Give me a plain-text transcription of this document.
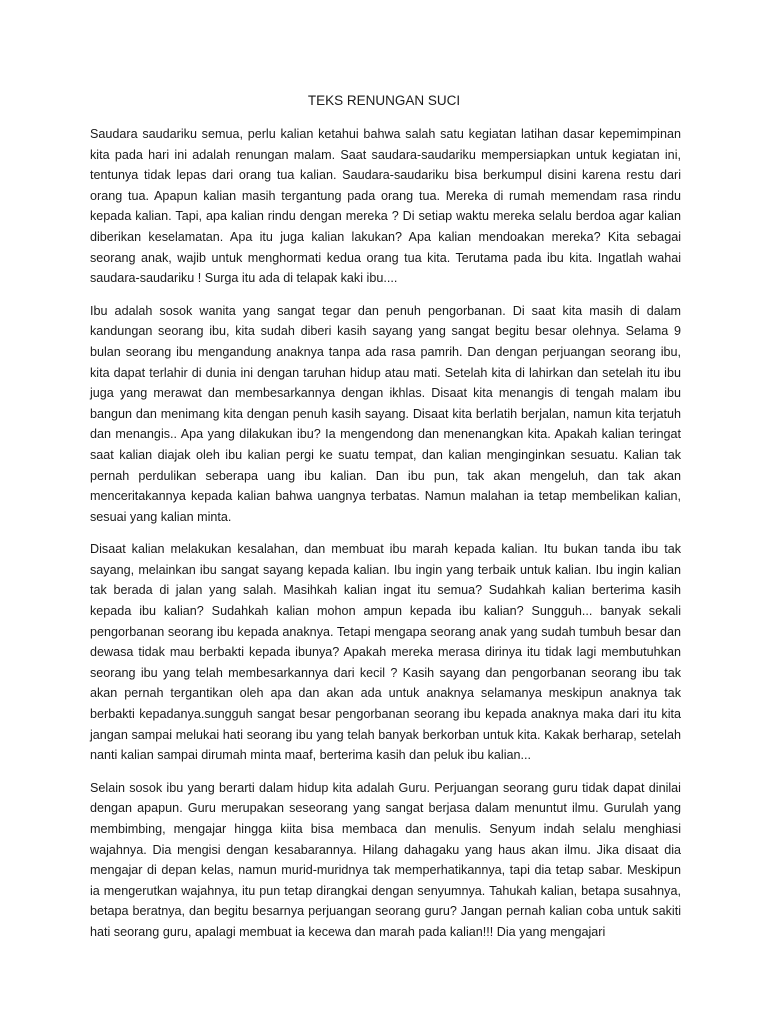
TEKS RENUNGAN SUCI

Saudara saudariku semua, perlu kalian ketahui bahwa salah satu kegiatan latihan dasar kepemimpinan kita pada hari ini adalah renungan malam. Saat saudara-saudariku mempersiapkan untuk kegiatan ini, tentunya tidak lepas dari orang tua kalian. Saudara-saudariku bisa berkumpul disini karena restu dari orang tua. Apapun kalian masih tergantung pada orang tua. Mereka di rumah memendam rasa rindu kepada kalian. Tapi, apa kalian rindu dengan mereka ? Di setiap waktu mereka selalu berdoa agar kalian diberikan keselamatan. Apa itu juga kalian lakukan? Apa kalian mendoakan mereka? Kita sebagai seorang anak, wajib untuk menghormati kedua orang tua kita. Terutama pada ibu kita. Ingatlah wahai saudara-saudariku ! Surga itu ada di telapak kaki ibu....

Ibu adalah sosok wanita yang sangat tegar dan penuh pengorbanan. Di saat kita masih di dalam kandungan seorang ibu, kita sudah diberi kasih sayang yang sangat begitu besar olehnya. Selama 9 bulan seorang ibu mengandung anaknya tanpa ada rasa pamrih. Dan dengan perjuangan seorang ibu, kita dapat terlahir di dunia ini dengan taruhan hidup atau mati. Setelah kita di lahirkan dan setelah itu ibu juga yang merawat dan membesarkannya dengan ikhlas. Disaat kita menangis di tengah malam ibu bangun dan menimang kita dengan penuh kasih sayang. Disaat kita berlatih berjalan, namun kita terjatuh dan menangis.. Apa yang dilakukan ibu? Ia mengendong dan menenangkan kita. Apakah kalian teringat saat kalian diajak oleh ibu kalian pergi ke suatu tempat, dan kalian menginginkan sesuatu. Kalian tak pernah perdulikan seberapa uang ibu kalian. Dan ibu pun, tak akan mengeluh, dan tak akan menceritakannya kepada kalian bahwa uangnya terbatas. Namun malahan ia tetap membelikan kalian, sesuai yang kalian minta.

Disaat kalian melakukan kesalahan, dan membuat ibu marah kepada kalian. Itu bukan tanda ibu tak sayang, melainkan ibu sangat sayang kepada kalian. Ibu ingin yang terbaik untuk kalian. Ibu ingin kalian tak berada di jalan yang salah. Masihkah kalian ingat itu semua? Sudahkah kalian berterima kasih kepada ibu kalian? Sudahkah kalian mohon ampun kepada ibu kalian? Sungguh... banyak sekali pengorbanan seorang ibu kepada anaknya. Tetapi mengapa seorang anak yang sudah tumbuh besar dan dewasa tidak mau berbakti kepada ibunya? Apakah mereka merasa dirinya itu tidak lagi membutuhkan seorang ibu yang telah membesarkannya dari kecil ? Kasih sayang dan pengorbanan seorang ibu tak akan pernah tergantikan oleh apa dan akan ada untuk anaknya selamanya meskipun anaknya tak berbakti kepadanya.sungguh sangat besar pengorbanan seorang ibu kepada anaknya maka dari itu kita jangan sampai melukai hati seorang ibu yang telah banyak berkorban untuk kita. Kakak berharap, setelah nanti kalian sampai dirumah minta maaf, berterima kasih dan peluk ibu kalian...

Selain sosok ibu yang berarti dalam hidup kita adalah Guru. Perjuangan seorang guru tidak dapat dinilai dengan apapun. Guru merupakan seseorang yang sangat berjasa dalam menuntut ilmu. Gurulah yang membimbing, mengajar hingga kiita bisa membaca dan menulis. Senyum indah selalu menghiasi wajahnya. Dia mengisi dengan kesabarannya. Hilang dahagaku yang haus akan ilmu. Jika disaat dia mengajar di depan kelas, namun murid-muridnya tak memperhatikannya, tapi dia tetap sabar. Meskipun ia mengerutkan wajahnya, itu pun tetap dirangkai dengan senyumnya. Tahukah kalian, betapa susahnya, betapa beratnya, dan begitu besarnya perjuangan seorang guru? Jangan pernah kalian coba untuk sakiti hati seorang guru, apalagi membuat ia kecewa dan marah pada kalian!!! Dia yang mengajari
